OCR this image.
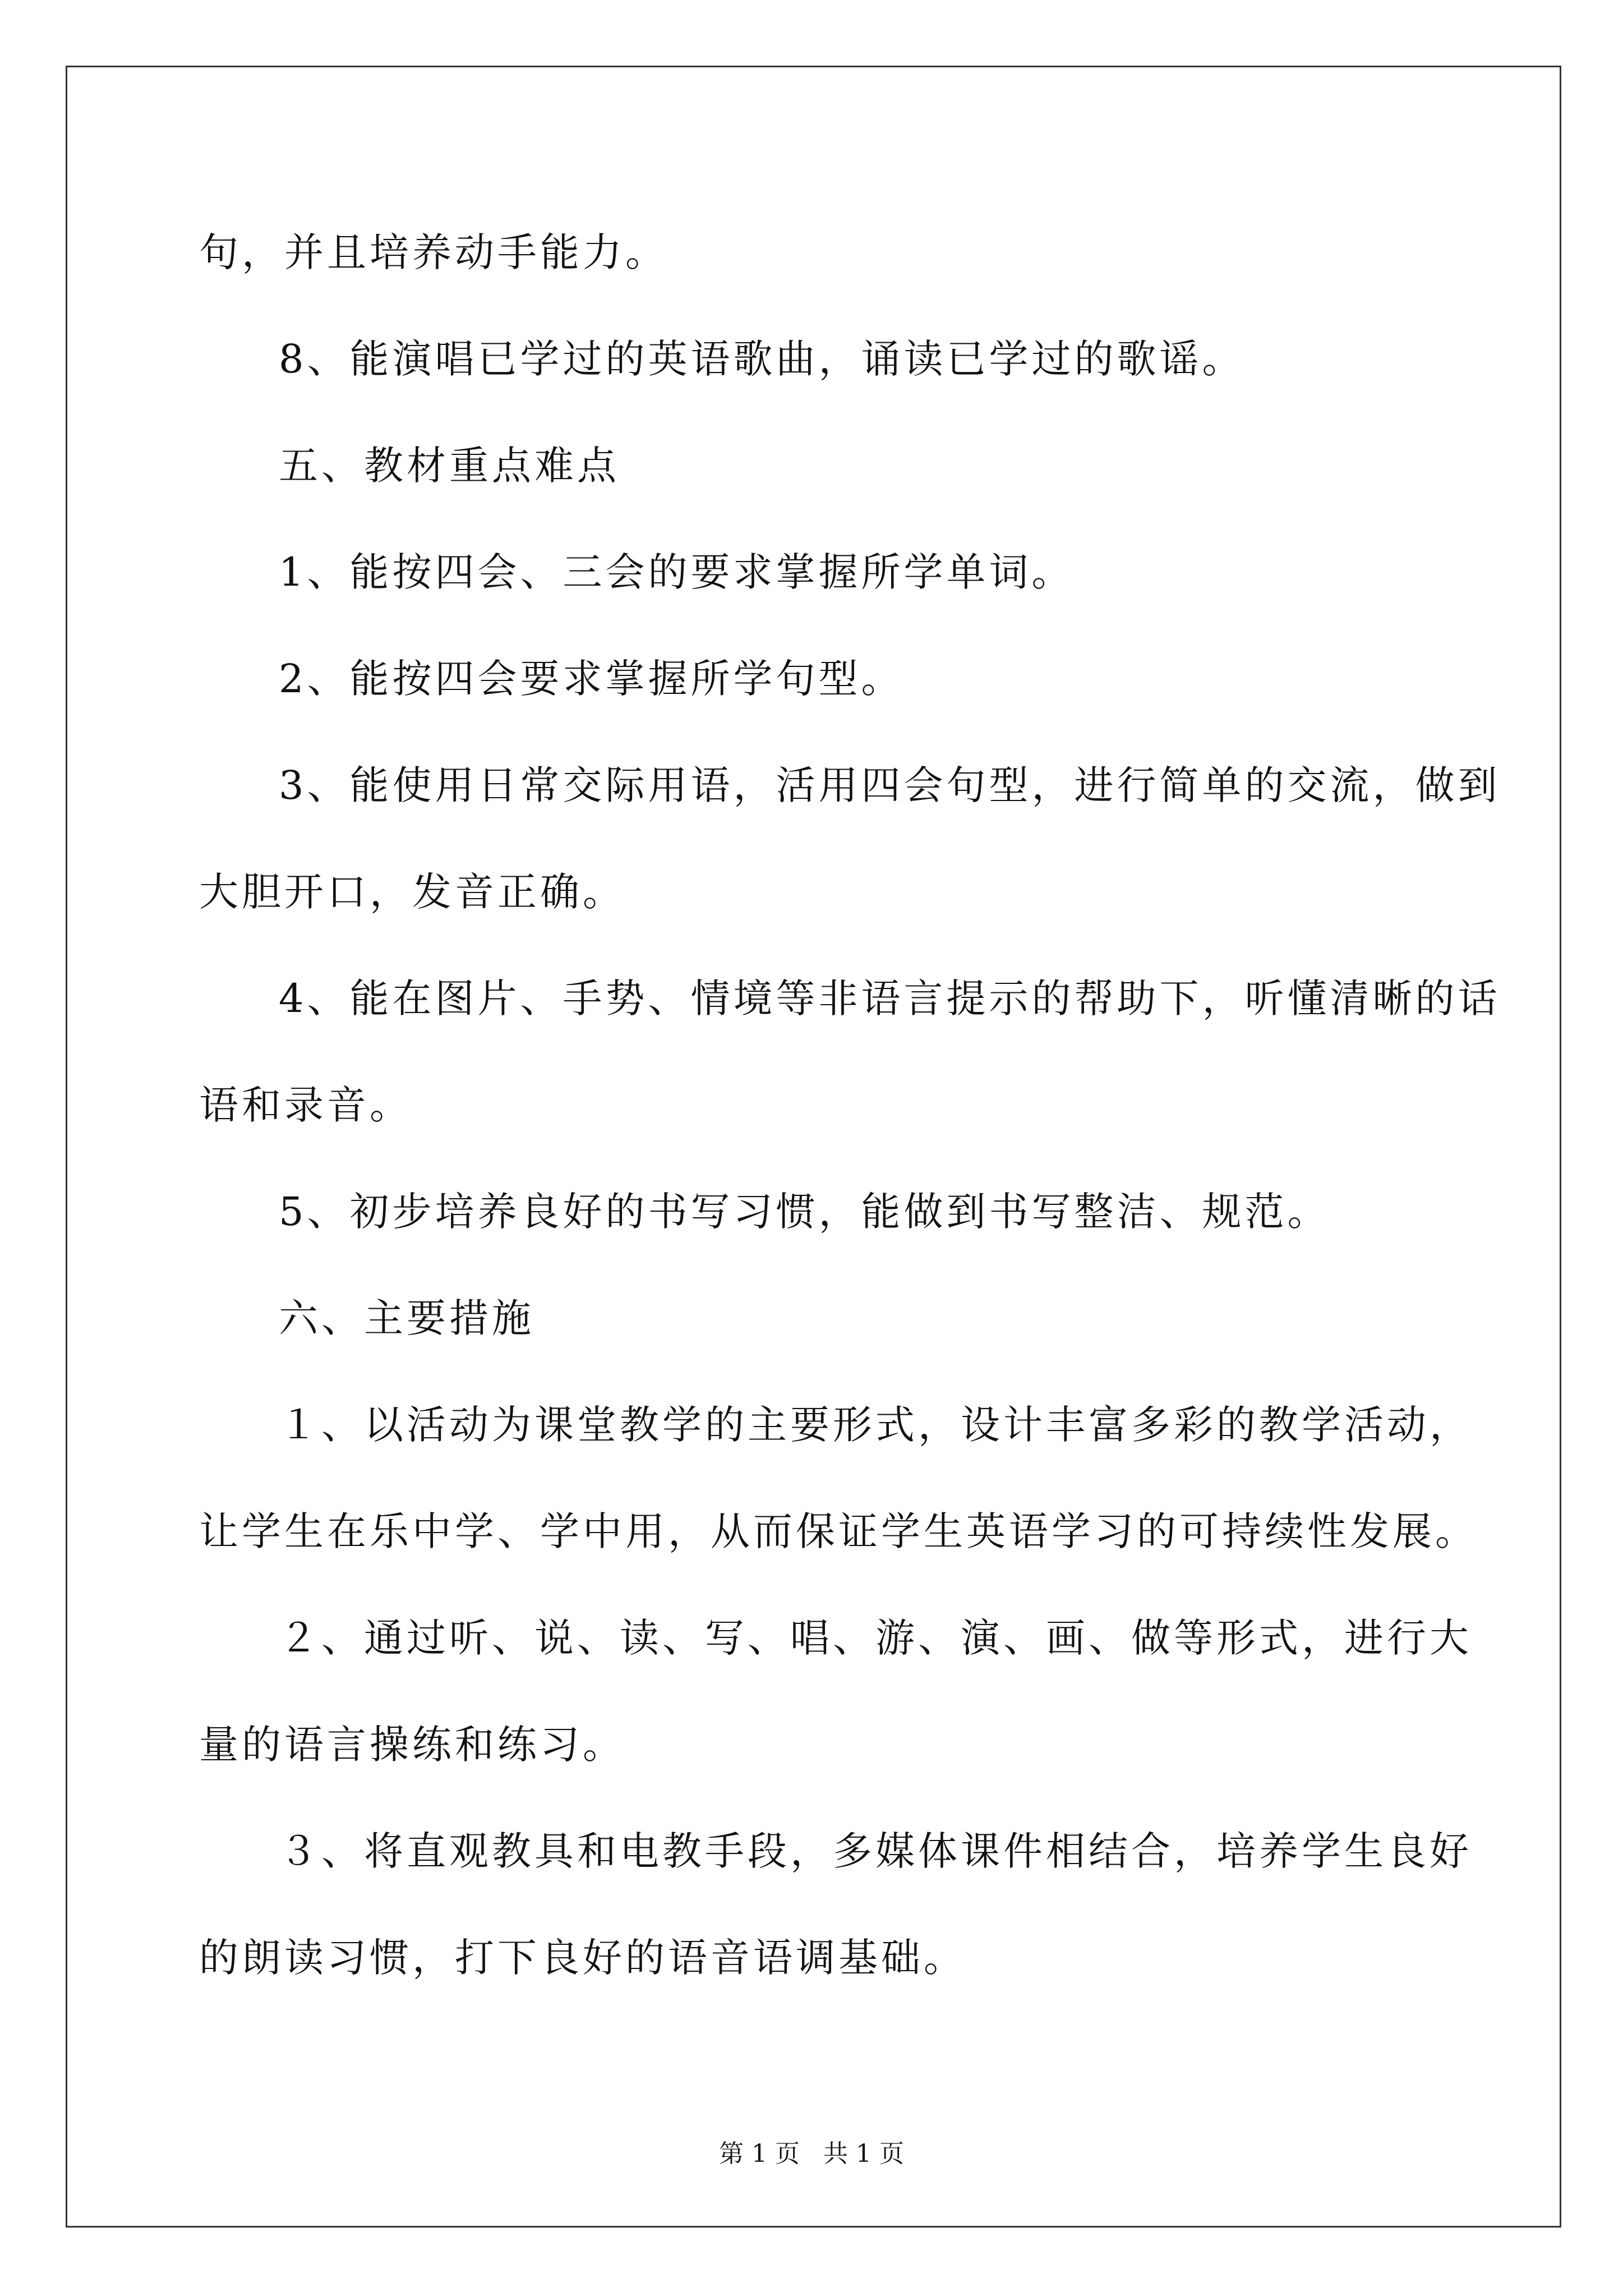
句，并且培养动手能力。
8、能演唱已学过的英语歌曲，诵读已学过的歌谣。
五、教材重点难点
1、能按四会、三会的要求掌握所学单词。
2、能按四会要求掌握所学句型。
3、能使用日常交际用语，活用四会句型，进行简单的交流，做到
大胆开口，发音正确。
4、能在图片、手势、情境等非语言提示的帮助下，听懂清晰的话
语和录音。
5、初步培养良好的书写习惯，能做到书写整洁、规范。
六、主要措施
１、以活动为课堂教学的主要形式，设计丰富多彩的教学活动，
让学生在乐中学、学中用，从而保证学生英语学习的可持续性发展。
２、通过听、说、读、写、唱、游、演、画、做等形式，进行大
量的语言操练和练习。
３、将直观教具和电教手段，多媒体课件相结合，培养学生良好
的朗读习惯，打下良好的语音语调基础。
第 1 页   共 1 页
